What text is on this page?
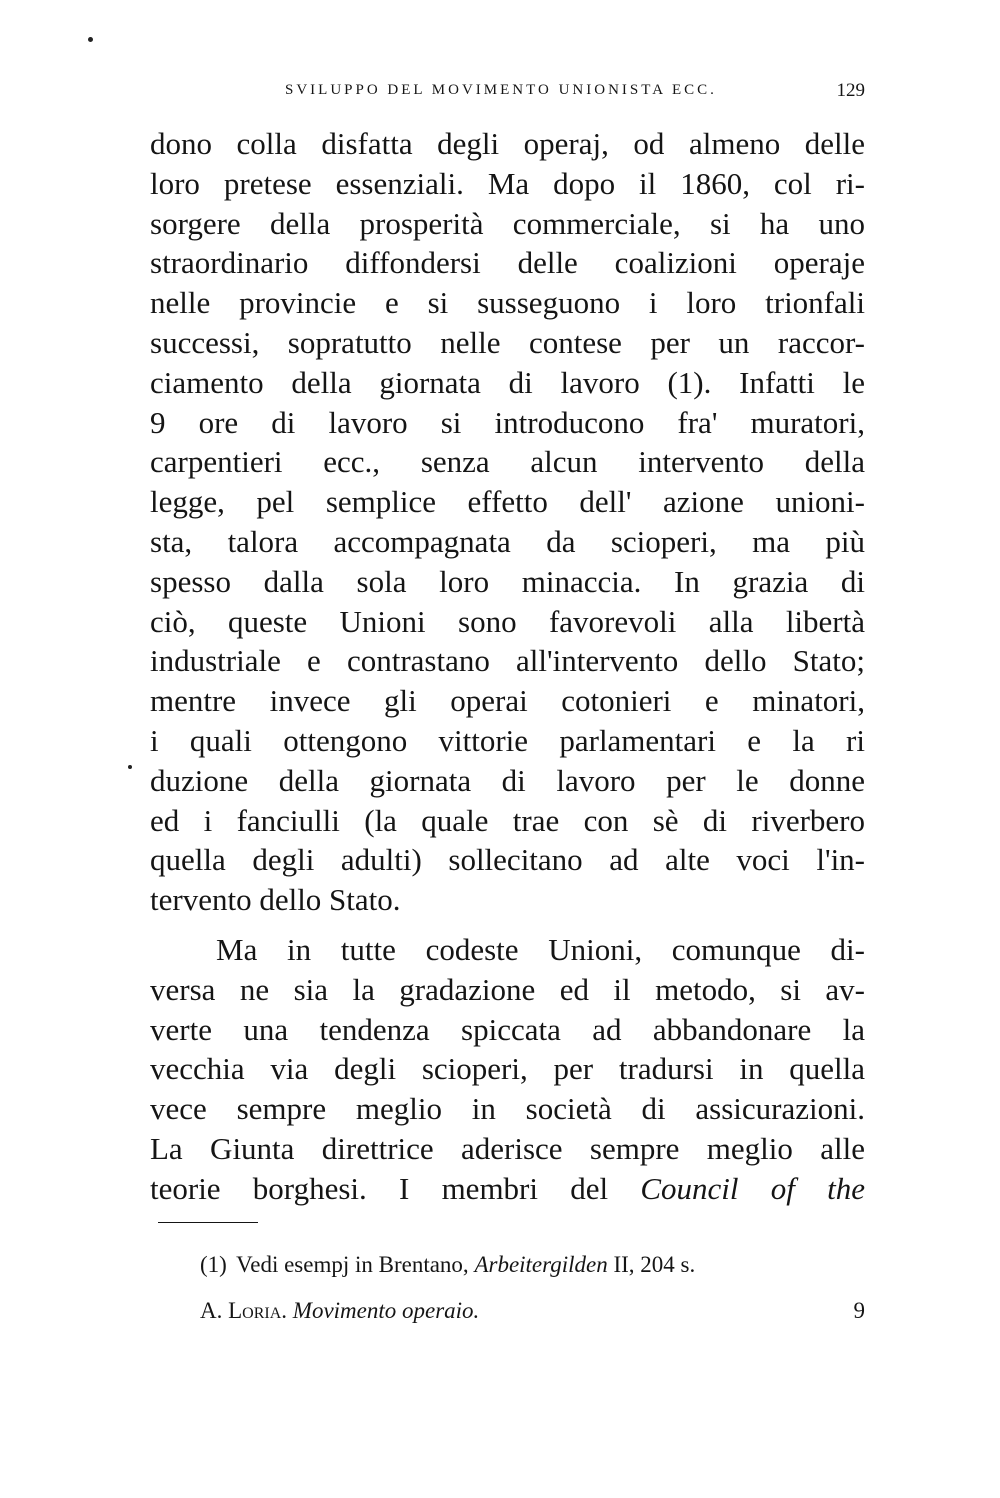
SVILUPPO DEL MOVIMENTO UNIONISTA ECC.	129
dono colla disfatta degli operaj, od almeno delle
loro pretese essenziali. Ma dopo il 1860, col ri-
sorgere della prosperità commerciale, si ha uno
straordinario diffondersi delle coalizioni operaje
nelle provincie e si susseguono i loro trionfali
successi, sopratutto nelle contese per un raccor-
ciamento della giornata di lavoro (1). Infatti le
9 ore di lavoro si introducono fra' muratori,
carpentieri ecc., senza alcun intervento della
legge, pel semplice effetto dell' azione unioni-
sta, talora accompagnata da scioperi, ma più
spesso dalla sola loro minaccia. In grazia di
ciò, queste Unioni sono favorevoli alla libertà
industriale e contrastano all'intervento dello Stato;
mentre invece gli operai cotonieri e minatori,
i quali ottengono vittorie parlamentari e la ri
duzione della giornata di lavoro per le donne
ed i fanciulli (la quale trae con sè di riverbero
quella degli adulti) sollecitano ad alte voci l'in-
tervento dello Stato.
Ma in tutte codeste Unioni, comunque di-
versa ne sia la gradazione ed il metodo, si av-
verte una tendenza spiccata ad abbandonare la
vecchia via degli scioperi, per tradursi in quella
vece sempre meglio in società di assicurazioni.
La Giunta direttrice aderisce sempre meglio alle
teorie borghesi. I membri del Council of the
(1) Vedi esempj in Brentano, Arbeitergilden II, 204 s.
A. Loria. Movimento operaio.	9
